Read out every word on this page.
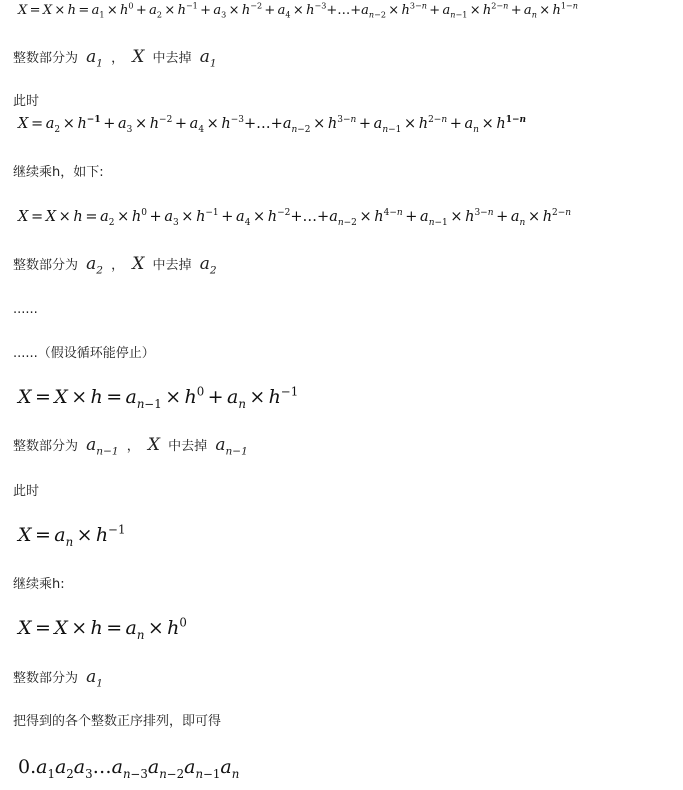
$X = X \times h = a_1 \times h^0 + a_2 \times h^{-1} + a_3 \times h^{-2} + a_4$ × $h^{-3}+\dots+a_{n-2} \times h^{3-n} + a_{n-1} \times h^{2-n} + a_n \times h^{1-n}$
整数部分为 $a_1$ ， X 中去掉 $a_1$
此时
$X = a_2 \times h^{-1} + a_3 \times h^{-2} + a_4$ × $h^{-3}+\dots+a_{n-2} \times h^{3-n} + a_{n-1} \times h^{2-n} + a_n \times h^{1-n}$
继续乘h，如下:
$X = X \times h = a_2 \times h^0 + a_3 \times h^{-1} + a_4$ × $h^{-2}+\dots+a_{n-2} \times h^{4-n} + a_{n-1} \times h^{3-n} + a_n \times h^{2-n}$
整数部分为 $a_2$ ， X 中去掉 $a_2$
......
......（假设循环能停止）
$X = X \times h = a_{n-1} \times h^0 + a_n \times h^{-1}$
整数部分为 $a_{n-1}$ ， X 中去掉 $a_{n-1}$
此时
$X = a_n \times h^{-1}$
继续乘h:
$X = X \times h = a_n \times h^0$
整数部分为 $a_1$
把得到的各个整数正序排列，即可得
$0.a_1a_2a_3\dots a_{n-3}a_{n-2}a_{n-1}a_n$
